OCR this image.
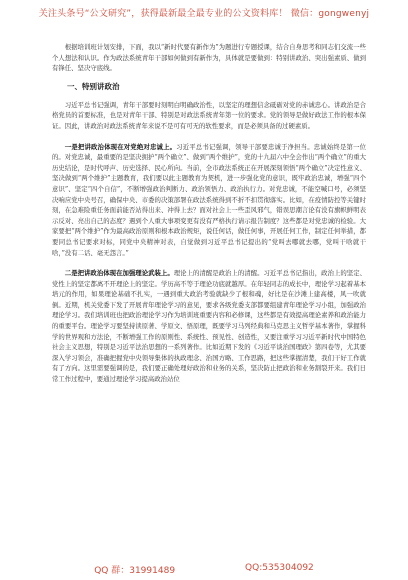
关注头条号“公文研究”，获得最新最全最专业的公文资料库！ 微信：gongwenyj

根据培训班计划安排，下面，我以“新时代要有新作为”为题进行专题授课，结合自身思考和同志们交流一些个人想法和认识。作为政法系统青年干部如何做到有新作为，具体就是要做到：特别讲政治、突出强素质、做到有锋任、坚决守底线。

一、特别讲政治

习近平总书记强调，青年干部要时刻明白明确政治性，以坚定的理想信念砥砺对党的赤诚忠心。讲政治是合格党员的首要标准，也是对青年干部、特别是对政法系统青年第一位的要求。党的领导是做好政法工作的根本保证。因此，讲政治对政法系统青年来说不是可有可无的软性要求，而是必须具备的过硬素质。

一是把讲政治体现在对党绝对忠诚上。习近平总书记强调，领导干部要忠诚于净担当。忠诚始终是第一位的。对党忠诚，最重要的是坚决拥护“两个确立”、做到“两个维护”，党的十九届六中全会作出“两个确立”的重大历史结论，是时代呼声、历史选择、民心所向。当前，全市政法系统正在开展深刻领悟“两个确立”决定性意义、坚决做到“两个维护”主题教育，我们要以此主题教育为契机，进一步强化党的意识，既牢政治忠诚，增强“四个意识”、坚定“四个自信”，不断增强政治判断力、政治领悟力、政治执行力。对党忠诚，不能空喊口号，必须坚决响应党中央号召，确保中央、市委的决策部署在政法系统得到不折不扣贯彻落实。比如，在疫情防控等关键时刻，在急难险重任务面前能否站得出来、冲得上去？面对社会上一些歪风邪气，错误思潮言论有没有旗帜鲜明表示反对、亮出自己的态度？遇到个人重大事项变更有没有严格执行请示报告制度？这些都是对党忠诚的检验。大家要把“两个维护”作为最高政治原则和根本政治规矩，说任何话，做任何事，开展任何工作，制定任何举措，都要同总书记要求对标，同党中央精神对表，自觉做到习近平总书记提出的“党叫去哪就去哪，党叫干啥就干啥，”没有二话、毫无怨言。”

二是把讲政治体现在加强理论武装上。理论上的清醒是政治上的清醒。习近平总书记指出，政治上的坚定、党性上的坚定都离不开理论上的坚定。学历高不等于理论功底就越厚。在年轻同志的成长中，理论学习起着基本培元的作用，如果理论基础不扎实，一遇到重大政治考验就缺少了根和魂，好比是在沙滩上建高楼，风一吹就倒。近期，机关党委下发了开展青年理论学习的意见，要求各级党委支部都要组建青年理论学习小组，加强政治理论学习。我们培训班也把政治理论学习作为培训班重要内容和必修课，这些都是有效提高理论素养和政治能力的重要平台。理论学习要坚持读原著、学原文、悟原理，既要学习马列经典和马克思主义哲学基本著作，掌握科学的世界观和方法论，不断增强工作的原则性、系统性、预见性、创造性，又要注重学习习近平新时代中国特色社会主义思想，特别是习近平法治思想的一系列著作。比如近期下发的《习近平谈治国理政》第四卷等，尤其要深入学习领会，准确把握党中央领导集体的执政理念、治国方略、工作思路，把这些掌握清楚，我们干好工作就有了方向。这里需要强调的是，我们要正确处理好政治和业务的关系，坚决防止把政治和业务割裂开来。我们日常工作过程中，要通过理论学习提高政治站位

QQ 群：31991489	QQ:535304092
